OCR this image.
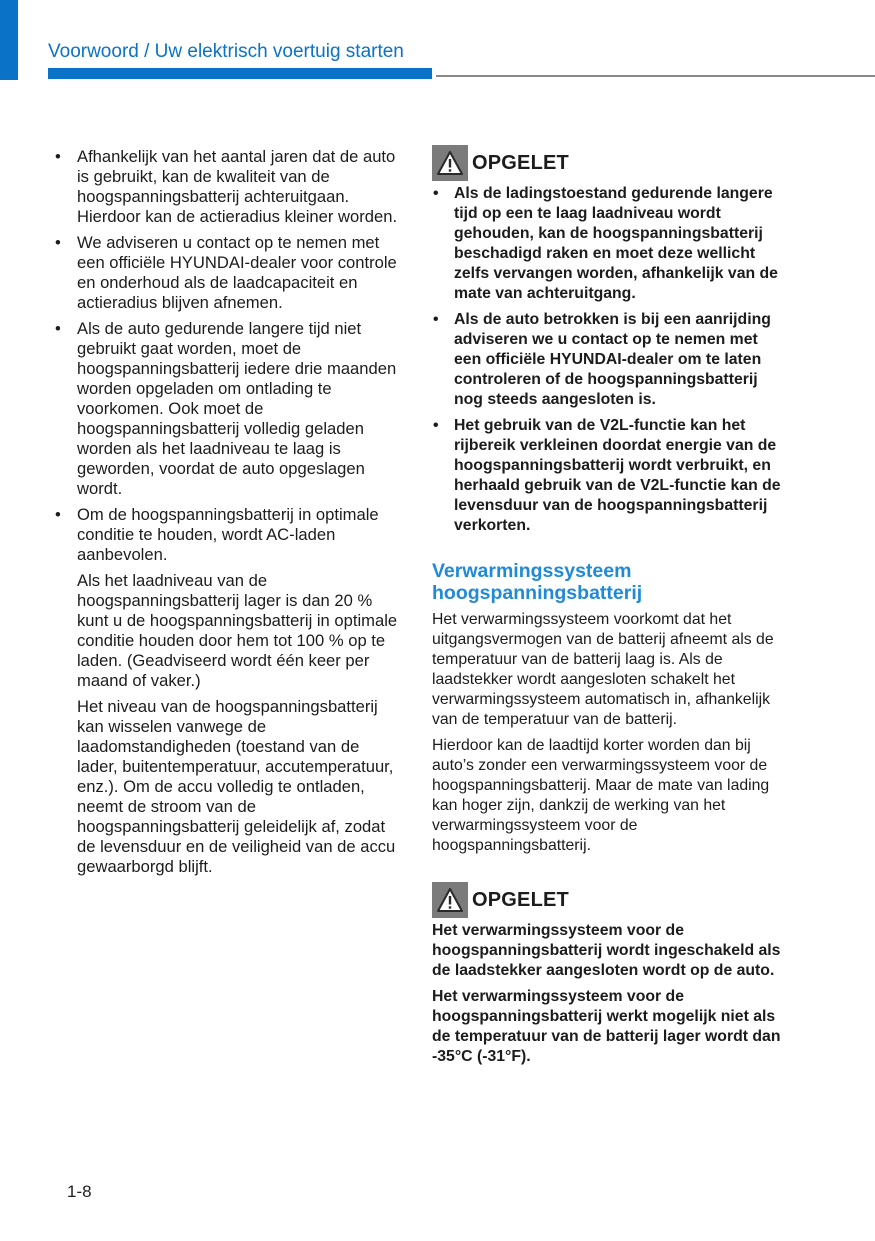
Voorwoord / Uw elektrisch voertuig starten
• Afhankelijk van het aantal jaren dat de auto is gebruikt, kan de kwaliteit van de hoogspanningsbatterij achteruitgaan. Hierdoor kan de actieradius kleiner worden.
• We adviseren u contact op te nemen met een officiële HYUNDAI-dealer voor controle en onderhoud als de laadcapaciteit en actieradius blijven afnemen.
• Als de auto gedurende langere tijd niet gebruikt gaat worden, moet de hoogspanningsbatterij iedere drie maanden worden opgeladen om ontlading te voorkomen. Ook moet de hoogspanningsbatterij volledig geladen worden als het laadniveau te laag is geworden, voordat de auto opgeslagen wordt.
• Om de hoogspanningsbatterij in optimale conditie te houden, wordt AC-laden aanbevolen.

Als het laadniveau van de hoogspanningsbatterij lager is dan 20 % kunt u de hoogspanningsbatterij in optimale conditie houden door hem tot 100 % op te laden. (Geadviseerd wordt één keer per maand of vaker.)

Het niveau van de hoogspanningsbatterij kan wisselen vanwege de laadomstandigheden (toestand van de lader, buitentemperatuur, accutemperatuur, enz.). Om de accu volledig te ontladen, neemt de stroom van de hoogspanningsbatterij geleidelijk af, zodat de levensduur en de veiligheid van de accu gewaarborgd blijft.

OPGELET
• Als de ladingstoestand gedurende langere tijd op een te laag laadniveau wordt gehouden, kan de hoogspanningsbatterij beschadigd raken en moet deze wellicht zelfs vervangen worden, afhankelijk van de mate van achteruitgang.
• Als de auto betrokken is bij een aanrijding adviseren we u contact op te nemen met een officiële HYUNDAI-dealer om te laten controleren of de hoogspanningsbatterij nog steeds aangesloten is.
• Het gebruik van de V2L-functie kan het rijbereik verkleinen doordat energie van de hoogspanningsbatterij wordt verbruikt, en herhaald gebruik van de V2L-functie kan de levensduur van de hoogspanningsbatterij verkorten.
Verwarmingssysteem
hoogspanningsbatterij

Het verwarmingssysteem voorkomt dat het uitgangsvermogen van de batterij afneemt als de temperatuur van de batterij laag is. Als de laadstekker wordt aangesloten schakelt het verwarmingssysteem automatisch in, afhankelijk van de temperatuur van de batterij.

Hierdoor kan de laadtijd korter worden dan bij auto’s zonder een verwarmingssysteem voor de hoogspanningsbatterij. Maar de mate van lading kan hoger zijn, dankzij de werking van het verwarmingssysteem voor de hoogspanningsbatterij.

OPGELET

Het verwarmingssysteem voor de hoogspanningsbatterij wordt ingeschakeld als de laadstekker aangesloten wordt op de auto.

Het verwarmingssysteem voor de hoogspanningsbatterij werkt mogelijk niet als de temperatuur van de batterij lager wordt dan -35°C (-31°F).

1-8
